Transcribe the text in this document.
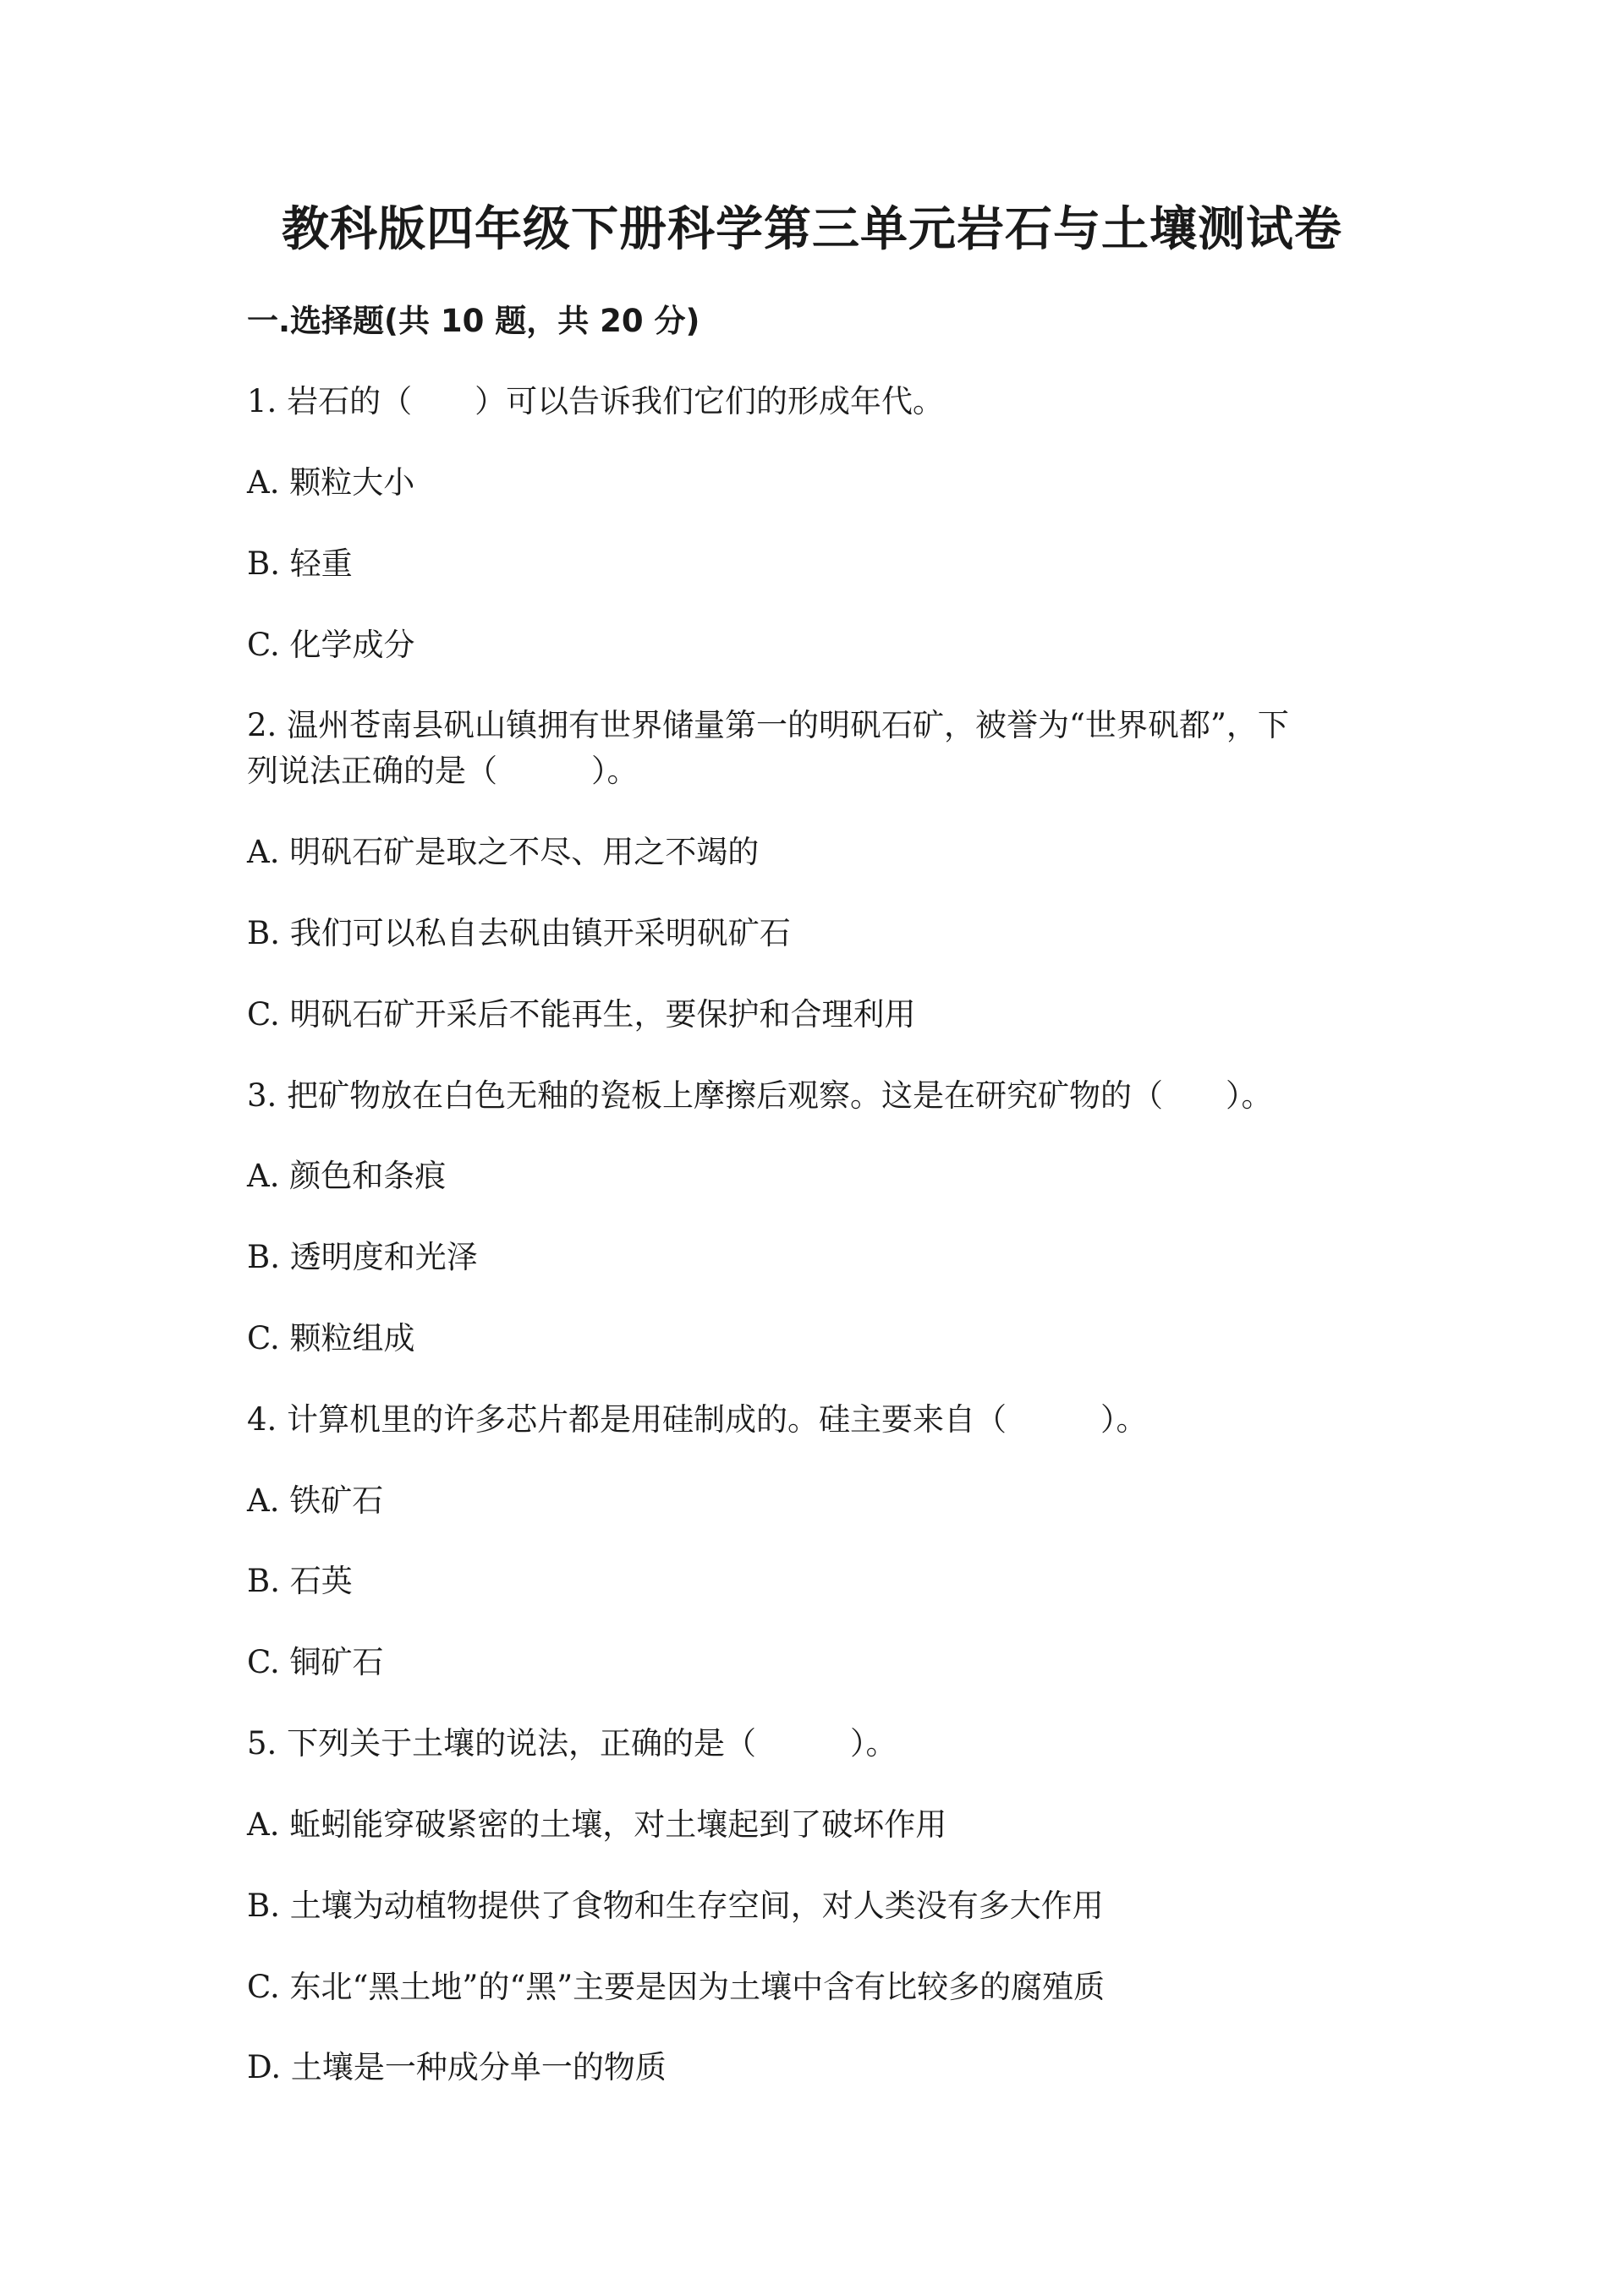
教科版四年级下册科学第三单元岩石与土壤测试卷
一.选择题(共 10 题，共 20 分)
1. 岩石的（　　）可以告诉我们它们的形成年代。
A. 颗粒大小
B. 轻重
C. 化学成分
2. 温州苍南县矾山镇拥有世界储量第一的明矾石矿，被誉为“世界矾都”，下
列说法正确的是（　　　）。
A. 明矾石矿是取之不尽、用之不竭的
B. 我们可以私自去矾由镇开采明矾矿石
C. 明矾石矿开采后不能再生，要保护和合理利用
3. 把矿物放在白色无釉的瓷板上摩擦后观察。这是在研究矿物的（　　）。
A. 颜色和条痕
B. 透明度和光泽
C. 颗粒组成
4. 计算机里的许多芯片都是用硅制成的。硅主要来自（　　　）。
A. 铁矿石
B. 石英
C. 铜矿石
5. 下列关于土壤的说法，正确的是（　　　）。
A. 蚯蚓能穿破紧密的土壤，对土壤起到了破坏作用
B. 土壤为动植物提供了食物和生存空间，对人类没有多大作用
C. 东北“黑土地”的“黑”主要是因为土壤中含有比较多的腐殖质
D. 土壤是一种成分单一的物质
